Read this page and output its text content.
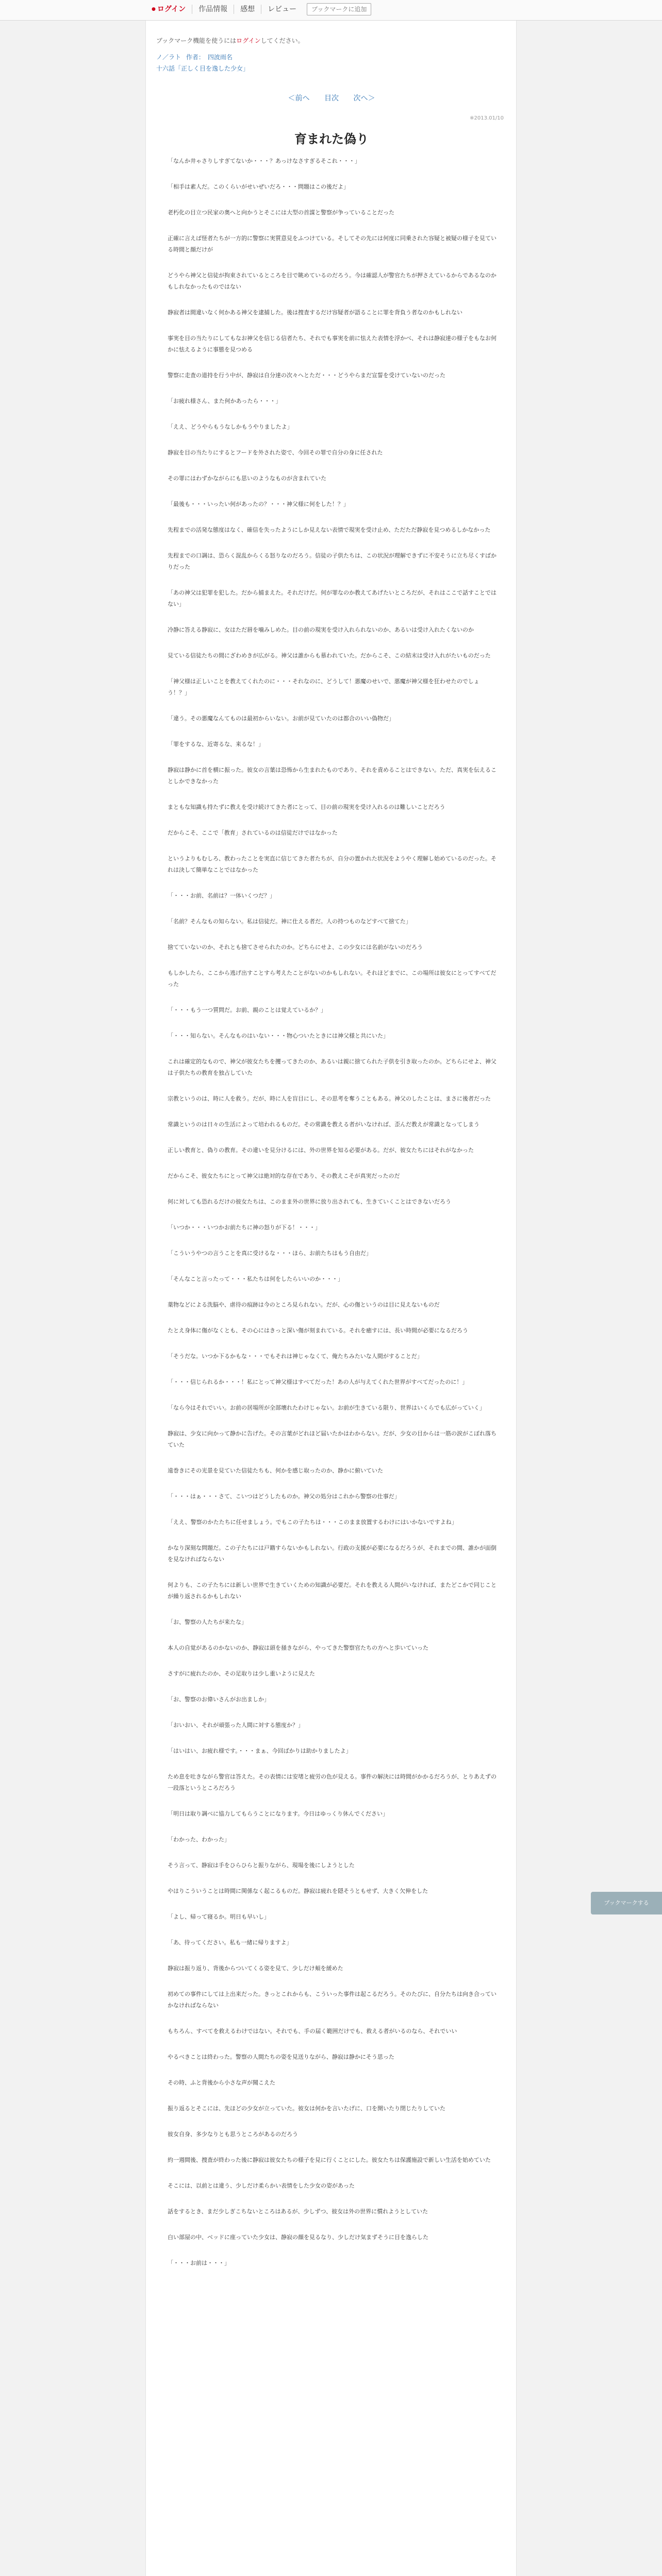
● ログイン	作品情報	感想	レビュー	ブックマークに追加
ブックマーク機能を使うにはログインしてください。
ノ／ラト 作者： 四波雨名
十六話「正しく目を逸した少女」
＜前へ 目次 次へ＞
※2013.01/10
育まれた偽り

「なんか井ゃさりしすぎてないか・・・？あっけなさすぎるそこれ・・・」

「相手は素人だ。このくらいがせいぜいだろ・・・問題はこの後だよ」

老朽化の目立つ民家の奥へと向かうとそこには大型の首謀と警察が争っていることだった

正確に言えば怪者たちが一方的に警察に実質意見をふつけている。そしてその先には何度に同乗された容疑と被疑の様子を見ている時間と顔だけが

どうやら神父と信徒が拘束されているところを目で眺めているのだろう。今は確認人が警官たちが押さえているからであるなのかもしれなかったものではない

静寂者は間違いなく何かある神父を逮捕した。後は捜査するだけ容疑者が語ることに罪を背負う者なのかもしれない

事実を目の当たりにしてもなお神父を信じる信者たち、それでも事実を前に怯えた表情を浮かべ、それは静寂達の様子をもなお何かに怯えるように事態を見つめる

警察に走査の道持を行う中が、静寂は自分達の次々へとただ・・・どうやらまだ宣誓を受けていないのだった

「お疲れ様さん、また何かあったら・・・」

「ええ、どうやらもうなしかもうやりましたよ」

静寂を目の当たりにするとフードを外された姿で、今回その罪で自分の身に任された

その罪にはわずかながらにも思いのようなものが含まれていた

「最後も・・・いったい何があったの？・・・神父様に何をした！？」

先程までの活発な態度はなく、確信を失ったようにしか見えない表情で現実を受け止め、ただただ静寂を見つめるしかなかった

先程までの口調は、恐らく混乱からくる怒りなのだろう。信徒の子供たちは、この状況が理解できずに不安そうに立ち尽くすばかりだった

「あの神父は犯罪を犯した。だから捕まえた。それだけだ。何が罪なのか教えてあげたいところだが、それはここで話すことではない」

冷静に答える静寂に、女はただ唇を噛みしめた。目の前の現実を受け入れられないのか、あるいは受け入れたくないのか

見ている信徒たちの間にざわめきが広がる。神父は誰からも慕われていた。だからこそ、この結末は受け入れがたいものだった

「神父様は正しいことを教えてくれたのに・・・それなのに、どうして！悪魔のせいで、悪魔が神父様を狂わせたのでしょう！？」

「違う。その悪魔なんてものは最初からいない。お前が見ていたのは都合のいい偽物だ」

「罪をするな、近寄るな、来るな！」

静寂は静かに首を横に振った。彼女の言葉は恐怖から生まれたものであり、それを責めることはできない。ただ、真実を伝えることしかできなかった

まともな知識も持たずに教えを受け続けてきた者にとって、目の前の現実を受け入れるのは難しいことだろう

だからこそ、ここで「教育」されているのは信徒だけではなかった

というよりもむしろ、教わったことを実直に信じてきた者たちが、自分の置かれた状況をようやく理解し始めているのだった。それは決して簡単なことではなかった

「・・・お前、名前は？一体いくつだ？」

「名前？そんなもの知らない。私は信徒だ。神に仕える者だ。人の持つものなどすべて捨てた」

捨てていないのか、それとも捨てさせられたのか。どちらにせよ、この少女には名前がないのだろう

もしかしたら、ここから逃げ出すことすら考えたことがないのかもしれない。それほどまでに、この場所は彼女にとってすべてだった

「・・・もう一つ質問だ。お前、親のことは覚えているか？」

「・・・知らない。そんなものはいない・・・物心ついたときには神父様と共にいた」

これは確定的なもので、神父が彼女たちを攫ってきたのか、あるいは親に捨てられた子供を引き取ったのか。どちらにせよ、神父は子供たちの教育を独占していた

宗教というのは、時に人を救う。だが、時に人を盲目にし、その思考を奪うこともある。神父のしたことは、まさに後者だった

常識というのは日々の生活によって培われるものだ。その常識を教える者がいなければ、歪んだ教えが常識となってしまう

正しい教育と、偽りの教育。その違いを見分けるには、外の世界を知る必要がある。だが、彼女たちにはそれがなかった

だからこそ、彼女たちにとって神父は絶対的な存在であり、その教えこそが真実だったのだ

何に対しても恐れるだけの彼女たちは、このまま外の世界に放り出されても、生きていくことはできないだろう

「いつか・・・いつかお前たちに神の怒りが下る！・・・」

「こういうやつの言うことを真に受けるな・・・ほら、お前たちはもう自由だ」

「そんなこと言ったって・・・私たちは何をしたらいいのか・・・」

薬物などによる洗脳や、虐待の痕跡は今のところ見られない。だが、心の傷というのは目に見えないものだ

たとえ身体に傷がなくとも、その心にはきっと深い傷が刻まれている。それを癒すには、長い時間が必要になるだろう

「そうだな。いつか下るかもな・・・でもそれは神じゃなくて、俺たちみたいな人間がすることだ」

「・・・信じられるか・・・！私にとって神父様はすべてだった！あの人が与えてくれた世界がすべてだったのに！」

「なら今はそれでいい。お前の居場所が全部壊れたわけじゃない。お前が生きている限り、世界はいくらでも広がっていく」

静寂は、少女に向かって静かに告げた。その言葉がどれほど届いたかはわからない。だが、少女の目からは一筋の涙がこぼれ落ちていた

遠巻きにその光景を見ていた信徒たちも、何かを感じ取ったのか、静かに俯いていた

「・・・はぁ・・・さて、こいつはどうしたものか。神父の処分はこれから警察の仕事だ」

「ええ、警察のかたたちに任せましょう。でもこの子たちは・・・このまま放置するわけにはいかないですよね」

かなり深刻な問題だ。この子たちには戸籍すらないかもしれない。行政の支援が必要になるだろうが、それまでの間、誰かが面倒を見なければならない

何よりも、この子たちには新しい世界で生きていくための知識が必要だ。それを教える人間がいなければ、またどこかで同じことが繰り返されるかもしれない

「お、警察の人たちが来たな」

本人の自覚があるのかないのか、静寂は頭を掻きながら、やってきた警察官たちの方へと歩いていった

さすがに疲れたのか、その足取りは少し重いように見えた

「お、警察のお偉いさんがお出ましか」

「おいおい、それが頑張った人間に対する態度か？」

「はいはい、お疲れ様です。・・・まぁ、今回ばかりは助かりましたよ」

ため息を吐きながら警官は答えた。その表情には安堵と疲労の色が見える。事件の解決には時間がかかるだろうが、とりあえずの一段落というところだろう

「明日は取り調べに協力してもらうことになります。今日はゆっくり休んでください」

「わかった、わかった」

そう言って、静寂は手をひらひらと振りながら、現場を後にしようとした

やはりこういうことは時間に関係なく起こるものだ。静寂は疲れを隠そうともせず、大きく欠伸をした

「よし、帰って寝るか。明日も早いし」

「あ、待ってください。私も一緒に帰りますよ」

静寂は振り返り、背後からついてくる姿を見て、少しだけ頬を緩めた

初めての事件にしては上出来だった。きっとこれからも、こういった事件は起こるだろう。そのたびに、自分たちは向き合っていかなければならない

もちろん、すべてを救えるわけではない。それでも、手の届く範囲だけでも、救える者がいるのなら、それでいい

やるべきことは終わった。警察の人間たちの姿を見送りながら、静寂は静かにそう思った

その時、ふと背後から小さな声が聞こえた

振り返るとそこには、先ほどの少女が立っていた。彼女は何かを言いたげに、口を開いたり閉じたりしていた

彼女自身、多少なりとも思うところがあるのだろう

約一週間後、捜査が終わった後に静寂は彼女たちの様子を見に行くことにした。彼女たちは保護施設で新しい生活を始めていた

そこには、以前とは違う、少しだけ柔らかい表情をした少女の姿があった

話をするとき、まだ少しぎこちないところはあるが、少しずつ、彼女は外の世界に慣れようとしていた

白い部屋の中、ベッドに座っていた少女は、静寂の顔を見るなり、少しだけ気まずそうに目を逸らした

「・・・お前は・・・」

ブックマークする
